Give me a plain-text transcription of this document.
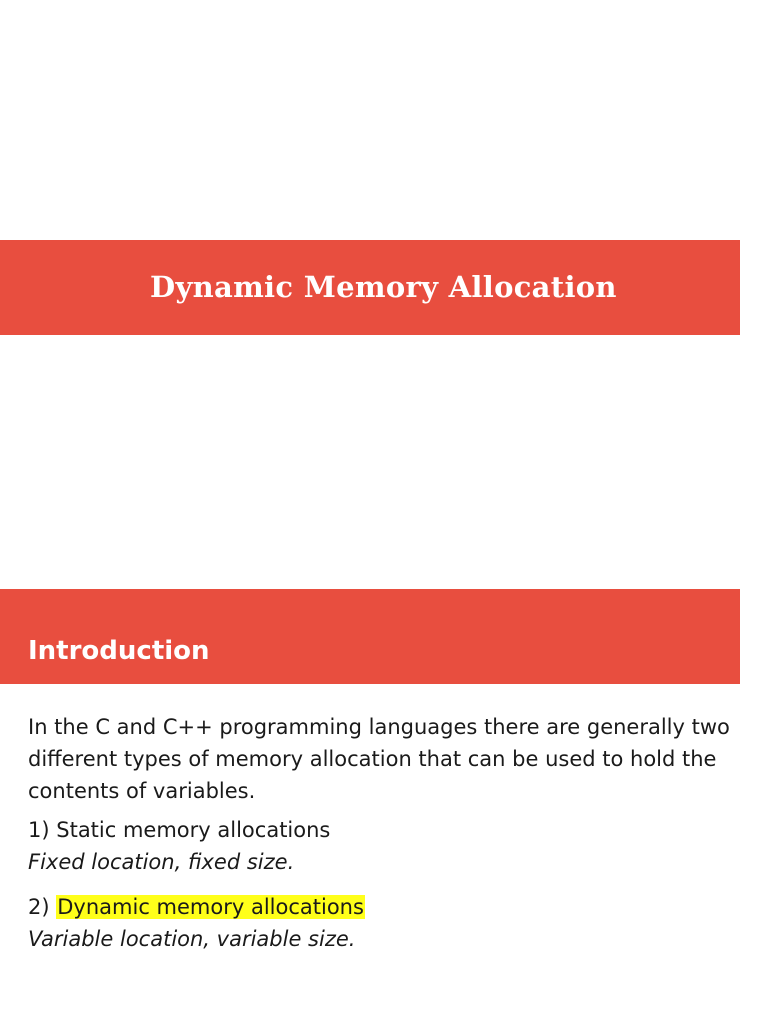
Dynamic Memory Allocation
Introduction

In the C and C++ programming languages there are generally two different types of memory allocation that can be used to hold the contents of variables.

1) Static memory allocations
Fixed location, fixed size.
2) Dynamic memory allocations
Variable location, variable size.
